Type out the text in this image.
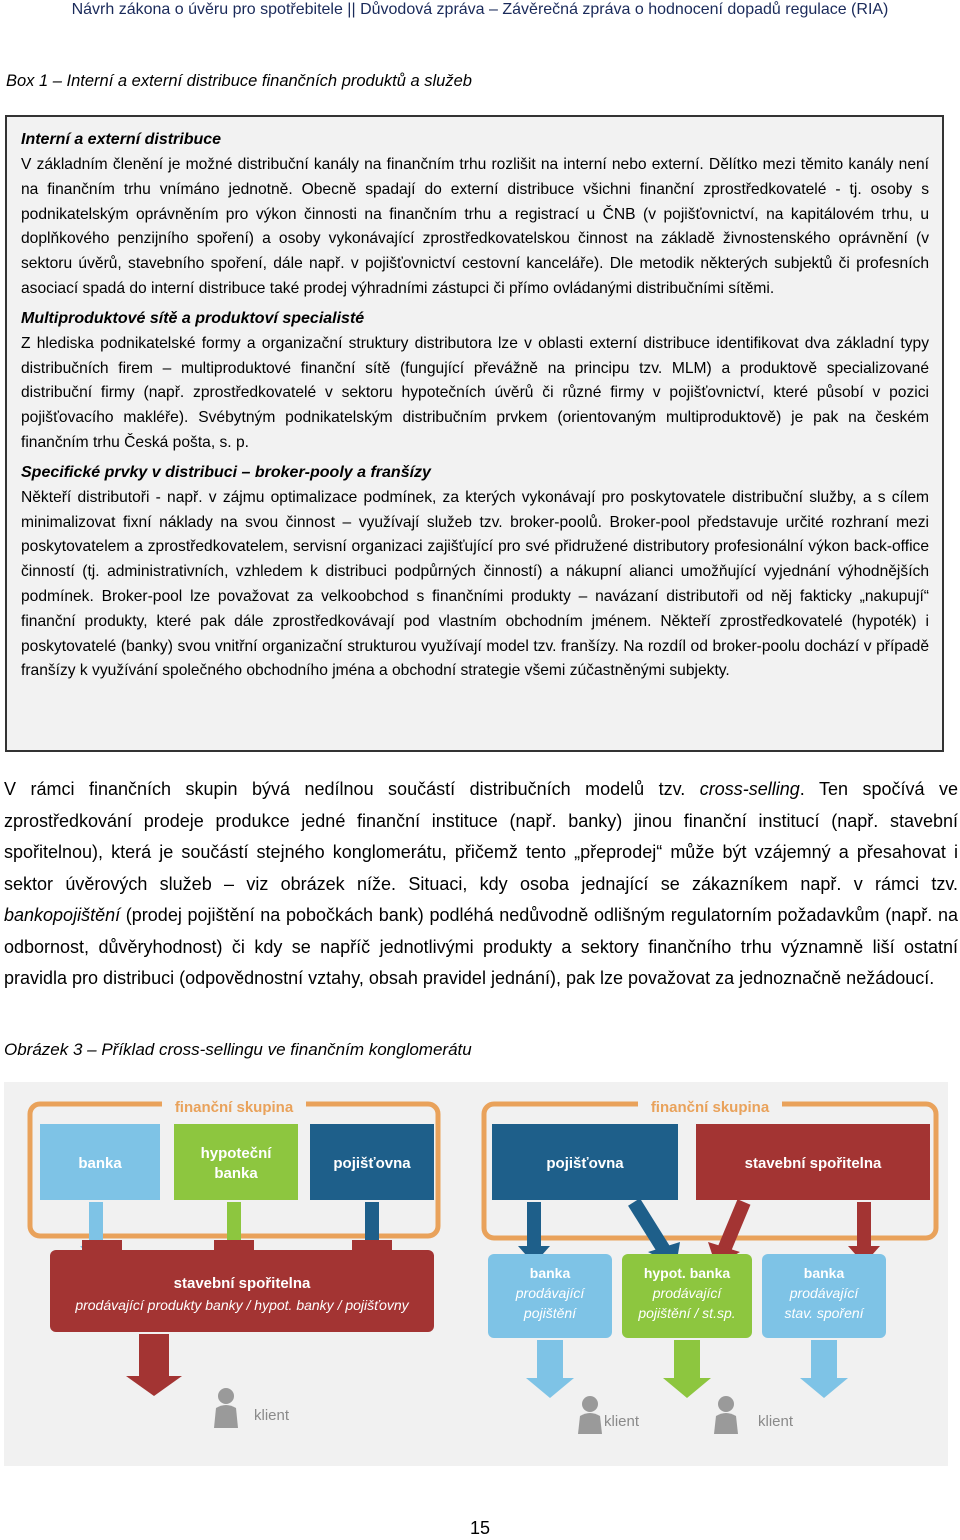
Návrh zákona o úvěru pro spotřebitele || Důvodová zpráva – Závěrečná zpráva o hodnocení dopadů regulace (RIA)
Box 1 – Interní a externí distribuce finančních produktů a služeb
Interní a externí distribuce

V základním členění je možné distribuční kanály na finančním trhu rozlišit na interní nebo externí. Dělítko mezi těmito kanály není na finančním trhu vnímáno jednotně. Obecně spadají do externí distribuce všichni finanční zprostředkovatelé - tj. osoby s podnikatelským oprávněním pro výkon činnosti na finančním trhu a registrací u ČNB (v pojišťovnictví, na kapitálovém trhu, u doplňkového penzijního spoření) a osoby vykonávající zprostředkovatelskou činnost na základě živnostenského oprávnění (v sektoru úvěrů, stavebního spoření, dále např. v pojišťovnictví cestovní kanceláře). Dle metodik některých subjektů či profesních asociací spadá do interní distribuce také prodej výhradními zástupci či přímo ovládanými distribučními sítěmi.

Multiproduktové sítě a produktoví specialisté

Z hlediska podnikatelské formy a organizační struktury distributora lze v oblasti externí distribuce identifikovat dva základní typy distribučních firem – multiproduktové finanční sítě (fungující převážně na principu tzv. MLM) a produktově specializované distribuční firmy (např. zprostředkovatelé v sektoru hypotečních úvěrů či různé firmy v pojišťovnictví, které působí v pozici pojišťovacího makléře). Svébytným podnikatelským distribučním prvkem (orientovaným multiproduktově) je pak na českém finančním trhu Česká pošta, s. p.

Specifické prvky v distribuci – broker-pooly a franšízy

Někteří distributoři - např. v zájmu optimalizace podmínek, za kterých vykonávají pro poskytovatele distribuční služby, a s cílem minimalizovat fixní náklady na svou činnost – využívají služeb tzv. broker-poolů. Broker-pool představuje určité rozhraní mezi poskytovatelem a zprostředkovatelem, servisní organizaci zajišťující pro své přidružené distributory profesionální výkon back-office činností (tj. administrativních, vzhledem k distribuci podpůrných činností) a nákupní alianci umožňující vyjednání výhodnějších podmínek. Broker-pool lze považovat za velkoobchod s finančními produkty – navázaní distributoři od něj fakticky „nakupují“ finanční produkty, které pak dále zprostředkovávají pod vlastním obchodním jménem. Někteří zprostředkovatelé (hypoték) i poskytovatelé (banky) svou vnitřní organizační strukturou využívají model tzv. franšízy. Na rozdíl od broker-poolu dochází v případě franšízy k využívání společného obchodního jména a obchodní strategie všemi zúčastněnými subjekty.

V rámci finančních skupin bývá nedílnou součástí distribučních modelů tzv. cross-selling. Ten spočívá ve zprostředkování prodeje produkce jedné finanční instituce (např. banky) jinou finanční institucí (např. stavební spořitelnou), která je součástí stejného konglomerátu, přičemž tento „přeprodej“ může být vzájemný a přesahovat i sektor úvěrových služeb – viz obrázek níže. Situaci, kdy osoba jednající se zákazníkem např. v rámci tzv. bankopojištění (prodej pojištění na pobočkách bank) podléhá nedůvodně odlišným regulatorním požadavkům (např. na odbornost, důvěryhodnost) či kdy se napříč jednotlivými produkty a sektory finančního trhu významně liší ostatní pravidla pro distribuci (odpovědnostní vztahy, obsah pravidel jednání), pak lze považovat za jednoznačně nežádoucí.

Obrázek 3 – Příklad cross-sellingu ve finančním konglomerátu
finanční skupina
banka
hypoteční
banka
pojišťovna
stavební spořitelna
prodávající produkty banky / hypot. banky / pojišťovny
klient
finanční skupina
pojišťovna	stavební spořitelna
banka
prodávající
pojištění
hypot. banka
prodávající
pojištění / st.sp.
banka
prodávající
stav. spoření
klient	klient
15
